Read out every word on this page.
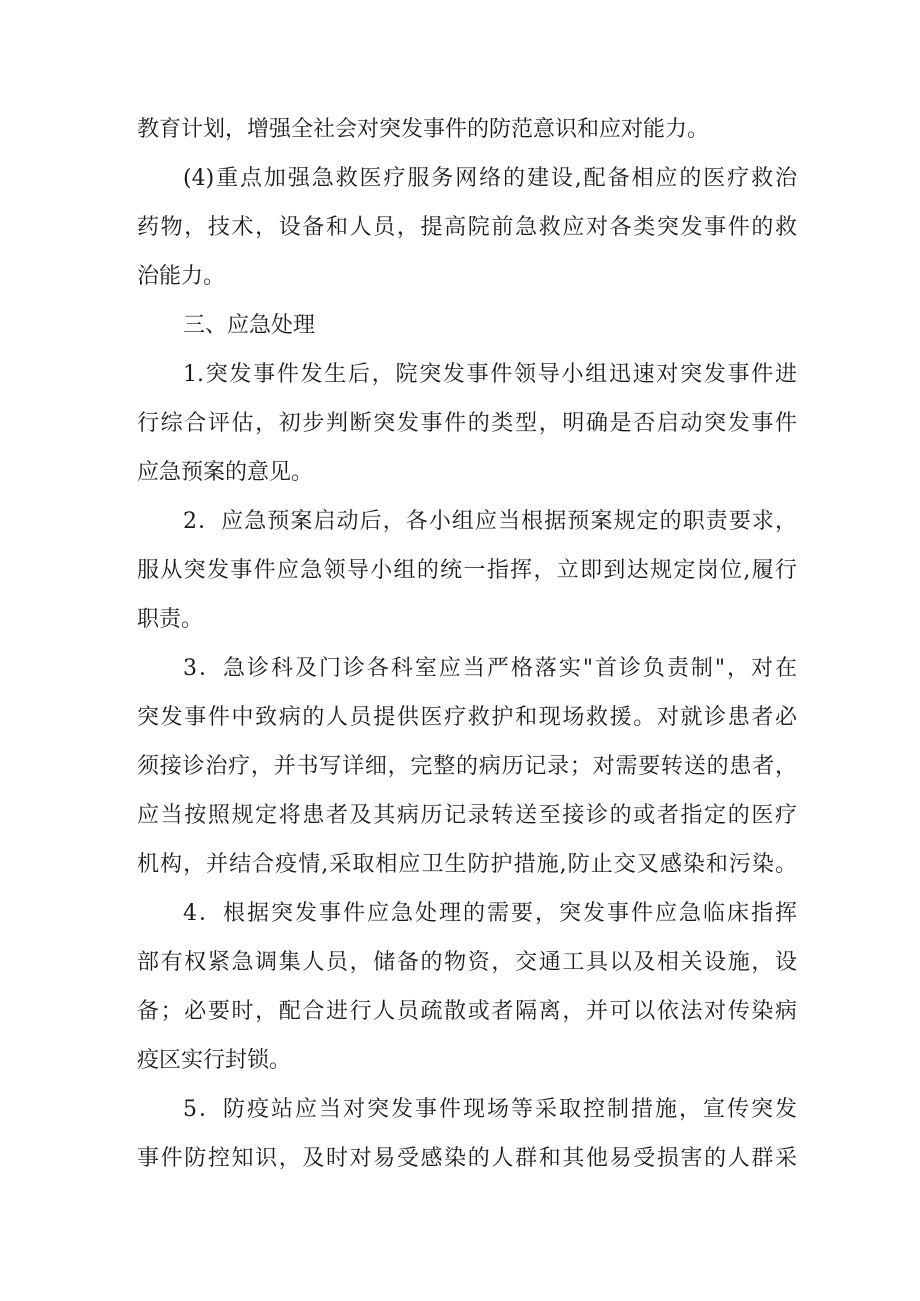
教育计划，增强全社会对突发事件的防范意识和应对能力。
(4)重点加强急救医疗服务网络的建设,配备相应的医疗救治
药物，技术，设备和人员，提高院前急救应对各类突发事件的救
治能力。
三、应急处理
1.突发事件发生后，院突发事件领导小组迅速对突发事件进
行综合评估，初步判断突发事件的类型，明确是否启动突发事件
应急预案的意见。
2．应急预案启动后，各小组应当根据预案规定的职责要求，
服从突发事件应急领导小组的统一指挥，立即到达规定岗位,履行
职责。
3．急诊科及门诊各科室应当严格落实"首诊负责制"，对在
突发事件中致病的人员提供医疗救护和现场救援。对就诊患者必
须接诊治疗，并书写详细，完整的病历记录；对需要转送的患者，
应当按照规定将患者及其病历记录转送至接诊的或者指定的医疗
机构，并结合疫情,采取相应卫生防护措施,防止交叉感染和污染。
4．根据突发事件应急处理的需要，突发事件应急临床指挥
部有权紧急调集人员，储备的物资，交通工具以及相关设施，设
备；必要时，配合进行人员疏散或者隔离，并可以依法对传染病
疫区实行封锁。
5．防疫站应当对突发事件现场等采取控制措施，宣传突发
事件防控知识，及时对易受感染的人群和其他易受损害的人群采
